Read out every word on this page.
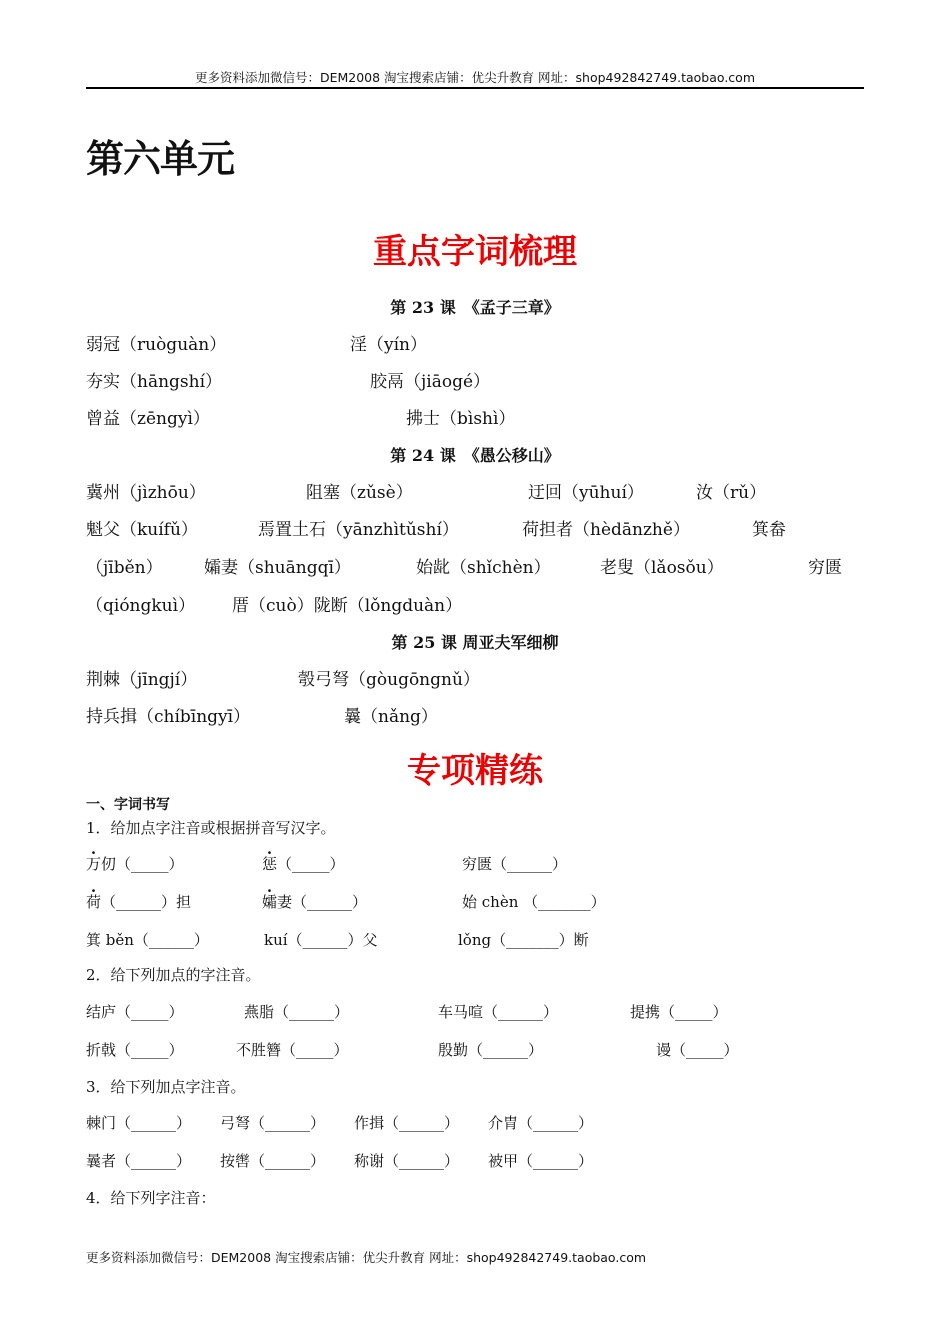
更多资料添加微信号：DEM2008 淘宝搜索店铺：优尖升教育 网址：shop492842749.taobao.com
第六单元
重点字词梳理
第 23 课　《孟子三章》
弱冠（ruòguàn）	淫（yín）
夯实（hāngshí）	胶鬲（jiāogé）
曾益（zēngyì）	拂士（bìshì）
第 24 课　《愚公移山》
冀州（jìzhōu）	阻塞（zǔsè）	迂回（yūhuí）	汝（rǔ）
魁父（kuífǔ）	焉置土石（yānzhìtǔshí）	荷担者（hèdānzhě）	箕畚
（jīběn） 孀妻（shuāngqī）	始龀（shǐchèn）	老叟（lǎosǒu）	穷匮
（qióngkuì） 厝（cuò）陇断（lǒngduàn）
第 25 课 周亚夫军细柳
荆棘（jīngjí）	彀弓弩（gòugōngnǔ）
持兵揖（chíbīngyī）	曩（nǎng）
专项精练
一、字词书写
1．给加点字注音或根据拼音写汉字。
万仞（_____）	惩（_____）	穷匮（______）
荷（______）担	孀妻（______）	始 chèn （_______）
箕 běn（______）	kuí（______）父	lǒng（_______）断
2．给下列加点的字注音。
结庐（_____）	燕脂（______）	车马喧（______）	提携（_____）
折戟（_____）	不胜簪（_____）	殷勤（______）	谩（_____）
3．给下列加点字注音。
棘门（______） 弓弩（______） 作揖（______） 介胄（______）
曩者（______） 按辔（______） 称谢（______） 被甲（______）
4．给下列字注音：
更多资料添加微信号：DEM2008 淘宝搜索店铺：优尖升教育 网址：shop492842749.taobao.com
